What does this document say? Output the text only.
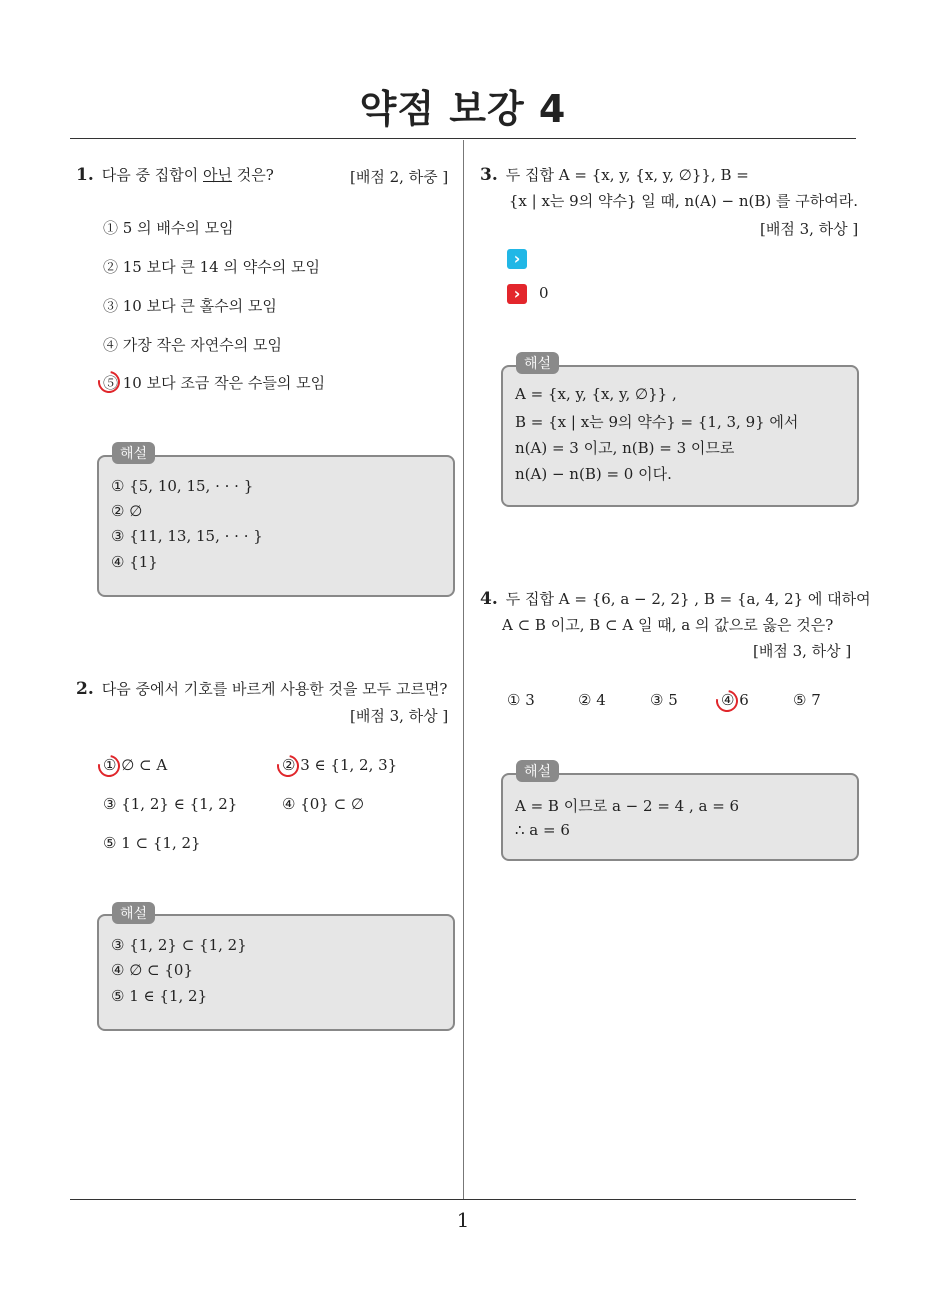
약점 보강 4
1
1. 다음 중 집합이 아닌 것은?	[배점 2, 하중 ]
① 5 의 배수의 모임
② 15 보다 큰 14 의 약수의 모임
③ 10 보다 큰 홀수의 모임
④ 가장 작은 자연수의 모임
⑤ 10 보다 조금 작은 수들의 모임
① {5, 10, 15, · · · }
② ∅
③ {11, 13, 15, · · · }
④ {1}
해설
2. 다음 중에서 기호를 바르게 사용한 것을 모두 고르면?
[배점 3, 하상 ]
① ∅ ⊂ A	② 3 ∈ {1, 2, 3}
③ {1, 2} ∈ {1, 2}	④ {0} ⊂ ∅
⑤ 1 ⊂ {1, 2}
③ {1, 2} ⊂ {1, 2}
④ ∅ ⊂ {0}
⑤ 1 ∈ {1, 2}
해설
3. 두 집합 A = {x, y, {x, y, ∅}}, B =
{x | x는 9의 약수} 일 때, n(A) − n(B) 를 구하여라.
[배점 3, 하상 ]
›
›	0
A = {x, y, {x, y, ∅}} ,
B = {x | x는 9의 약수} = {1, 3, 9} 에서
n(A) = 3 이고, n(B) = 3 이므로
n(A) − n(B) = 0 이다.
해설
4. 두 집합 A = {6, a − 2, 2} , B = {a, 4, 2} 에 대하여
A ⊂ B 이고, B ⊂ A 일 때, a 의 값으로 옳은 것은?
[배점 3, 하상 ]
① 3	② 4	③ 5	④ 6	⑤ 7
A = B 이므로 a − 2 = 4 , a = 6
∴ a = 6
해설
